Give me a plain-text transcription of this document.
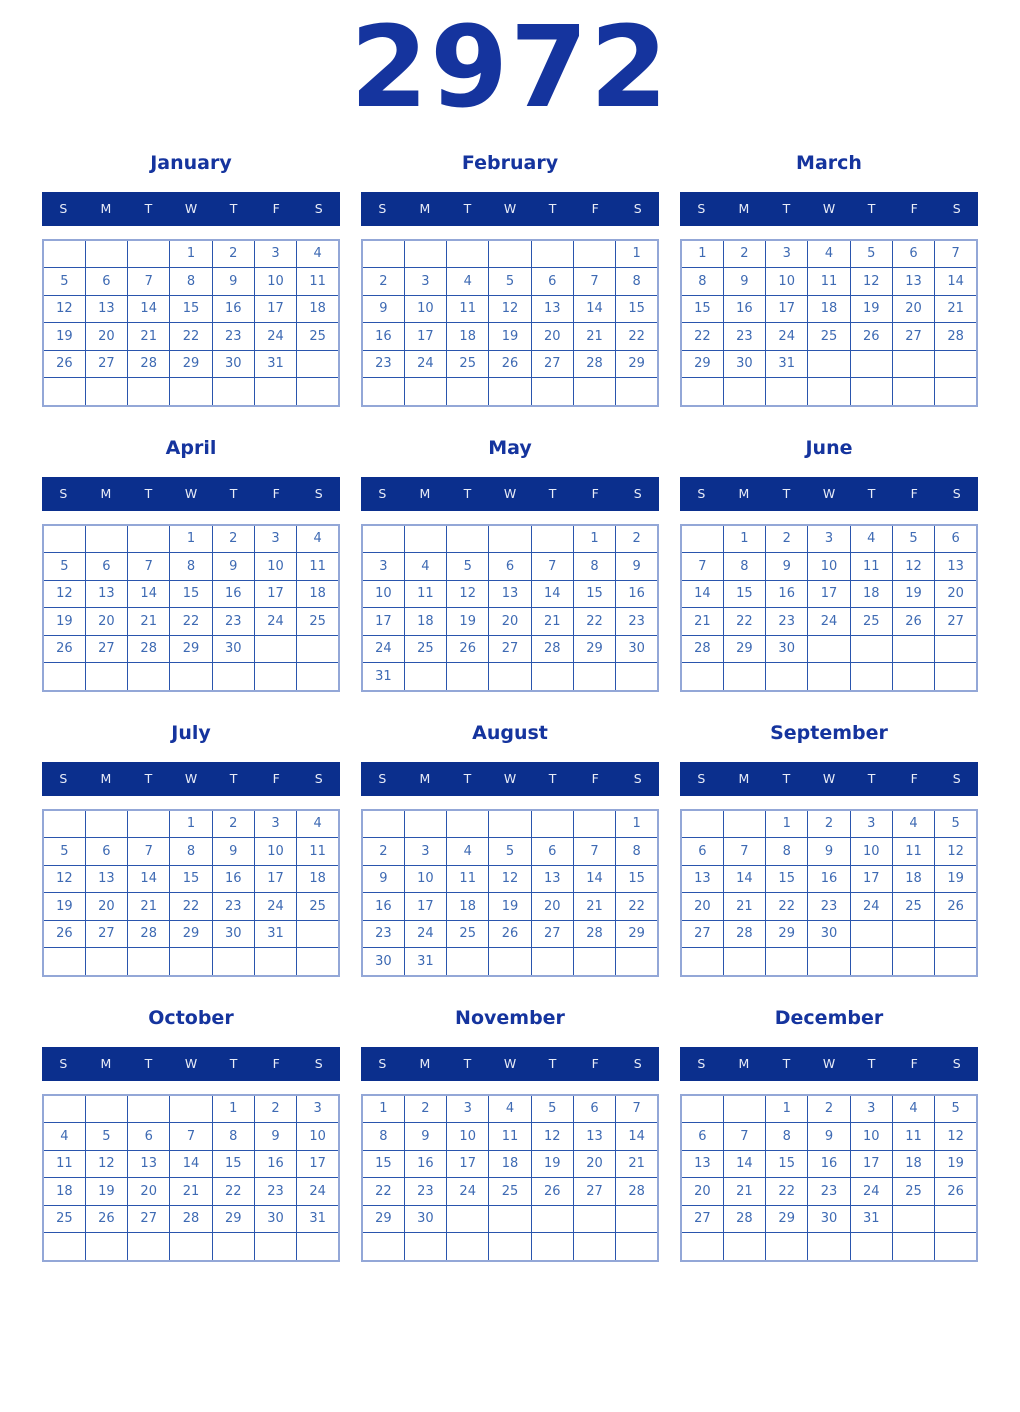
2972
January
S	M	T	W	T	F	S
			1	2	3	4
5	6	7	8	9	10	11
12	13	14	15	16	17	18
19	20	21	22	23	24	25
26	27	28	29	30	31	

February
S	M	T	W	T	F	S
						1
2	3	4	5	6	7	8
9	10	11	12	13	14	15
16	17	18	19	20	21	22
23	24	25	26	27	28	29

March
S	M	T	W	T	F	S
1	2	3	4	5	6	7
8	9	10	11	12	13	14
15	16	17	18	19	20	21
22	23	24	25	26	27	28
29	30	31				

April
S	M	T	W	T	F	S
			1	2	3	4
5	6	7	8	9	10	11
12	13	14	15	16	17	18
19	20	21	22	23	24	25
26	27	28	29	30		

May
S	M	T	W	T	F	S
					1	2
3	4	5	6	7	8	9
10	11	12	13	14	15	16
17	18	19	20	21	22	23
24	25	26	27	28	29	30
31						
June
S	M	T	W	T	F	S
	1	2	3	4	5	6
7	8	9	10	11	12	13
14	15	16	17	18	19	20
21	22	23	24	25	26	27
28	29	30				

July
S	M	T	W	T	F	S
			1	2	3	4
5	6	7	8	9	10	11
12	13	14	15	16	17	18
19	20	21	22	23	24	25
26	27	28	29	30	31	

August
S	M	T	W	T	F	S
						1
2	3	4	5	6	7	8
9	10	11	12	13	14	15
16	17	18	19	20	21	22
23	24	25	26	27	28	29
30	31					
September
S	M	T	W	T	F	S
		1	2	3	4	5
6	7	8	9	10	11	12
13	14	15	16	17	18	19
20	21	22	23	24	25	26
27	28	29	30			

October
S	M	T	W	T	F	S
				1	2	3
4	5	6	7	8	9	10
11	12	13	14	15	16	17
18	19	20	21	22	23	24
25	26	27	28	29	30	31

November
S	M	T	W	T	F	S
1	2	3	4	5	6	7
8	9	10	11	12	13	14
15	16	17	18	19	20	21
22	23	24	25	26	27	28
29	30					

December
S	M	T	W	T	F	S
		1	2	3	4	5
6	7	8	9	10	11	12
13	14	15	16	17	18	19
20	21	22	23	24	25	26
27	28	29	30	31		
